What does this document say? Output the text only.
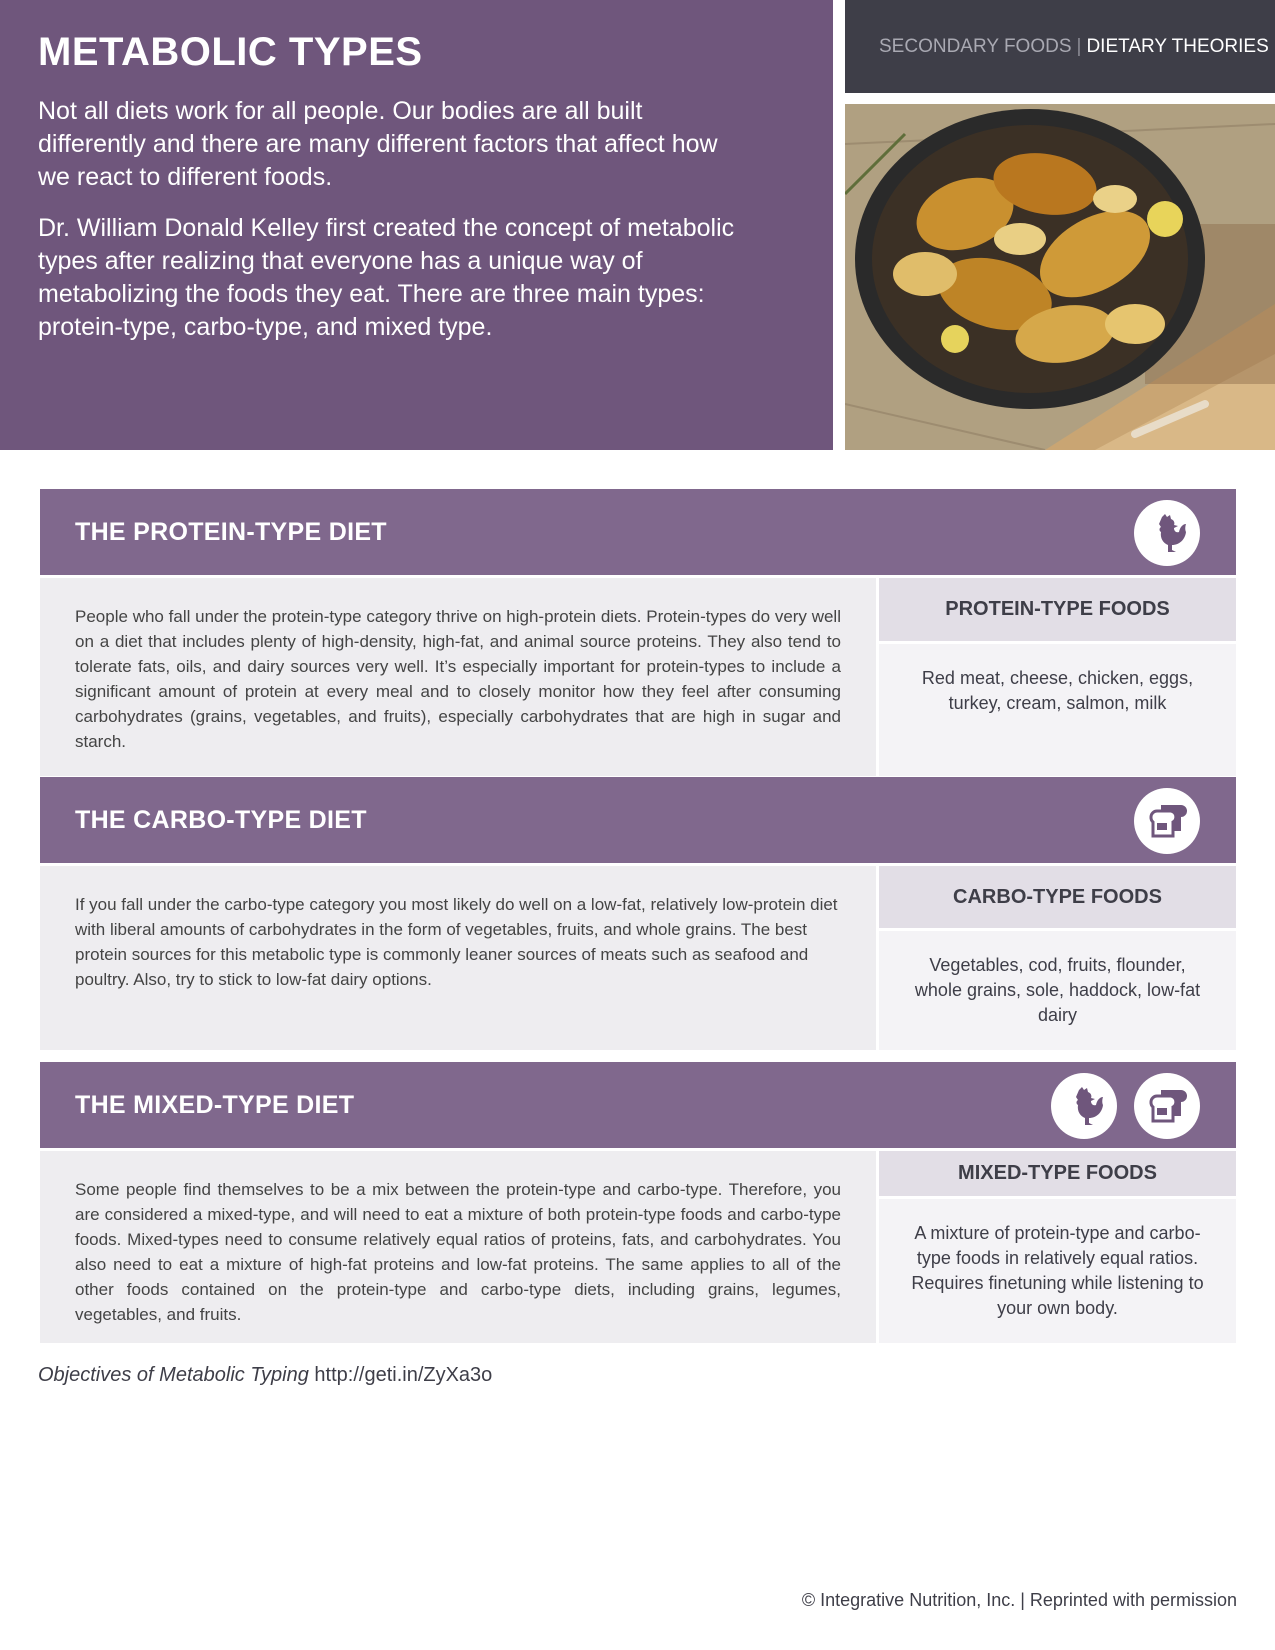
METABOLIC TYPES

Not all diets work for all people. Our bodies are all built differently and there are many different factors that affect how we react to different foods.

Dr. William Donald Kelley first created the concept of metabolic types after realizing that everyone has a unique way of metabolizing the foods they eat. There are three main types: protein-type, carbo-type, and mixed type.

SECONDARY FOODS | DIETARY THEORIES
THE PROTEIN-TYPE DIET
People who fall under the protein-type category thrive on high-protein diets. Protein-types do very well on a diet that includes plenty of high-density, high-fat, and animal source proteins. They also tend to tolerate fats, oils, and dairy sources very well. It’s especially important for protein-types to include a significant amount of protein at every meal and to closely monitor how they feel after consuming carbohydrates (grains, vegetables, and fruits), especially carbohydrates that are high in sugar and starch.
PROTEIN-TYPE FOODS
Red meat, cheese, chicken, eggs, turkey, cream, salmon, milk
THE CARBO-TYPE DIET
If you fall under the carbo-type category you most likely do well on a low-fat, relatively low-protein diet with liberal amounts of carbohydrates in the form of vegetables, fruits, and whole grains. The best protein sources for this metabolic type is commonly leaner sources of meats such as seafood and poultry. Also, try to stick to low-fat dairy options.
CARBO-TYPE FOODS
Vegetables, cod, fruits, flounder, whole grains, sole, haddock, low-fat dairy
THE MIXED-TYPE DIET
Some people find themselves to be a mix between the protein-type and carbo-type. Therefore, you are considered a mixed-type, and will need to eat a mixture of both protein-type foods and carbo-type foods. Mixed-types need to consume relatively equal ratios of proteins, fats, and carbohydrates. You also need to eat a mixture of high-fat proteins and low-fat proteins. The same applies to all of the other foods contained on the protein-type and carbo-type diets, including grains, legumes, vegetables, and fruits.
MIXED-TYPE FOODS
A mixture of protein-type and carbo-type foods in relatively equal ratios. Requires finetuning while listening to your own body.
Objectives of Metabolic Typing http://geti.in/ZyXa3o
© Integrative Nutrition, Inc. | Reprinted with permission
